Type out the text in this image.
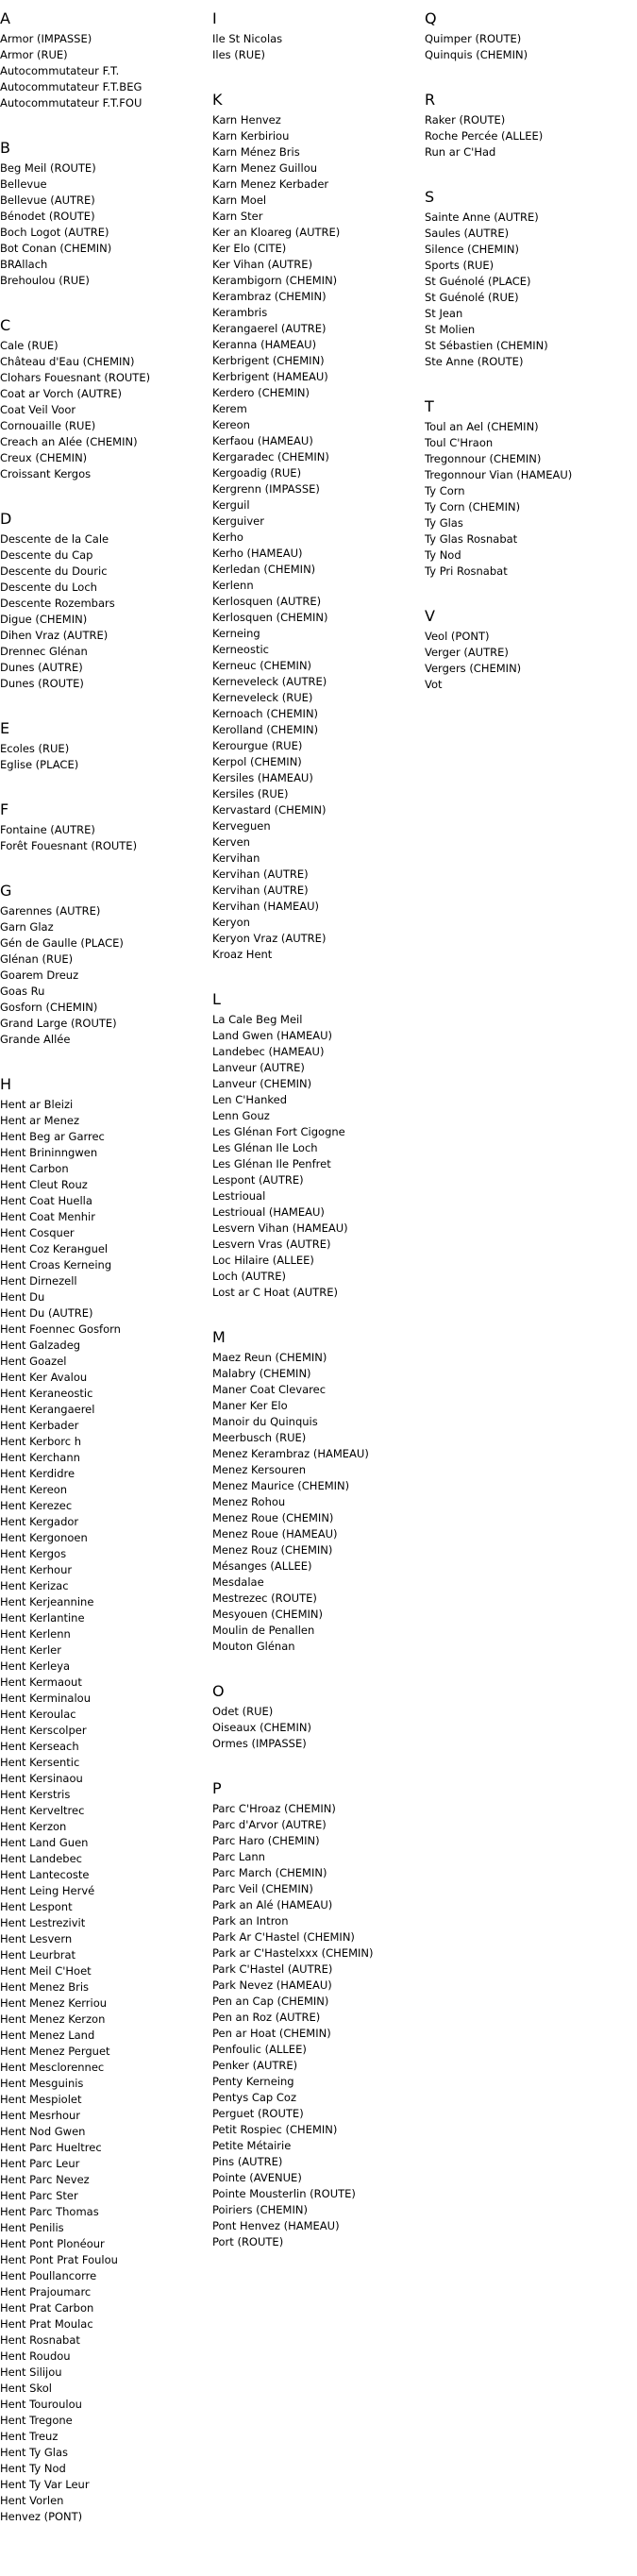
A
Armor (IMPASSE)
Armor (RUE)
Autocommutateur F.T.
Autocommutateur F.T.BEG
Autocommutateur F.T.FOU
B
Beg Meil (ROUTE)
Bellevue
Bellevue (AUTRE)
Bénodet (ROUTE)
Boch Logot (AUTRE)
Bot Conan (CHEMIN)
BRAllach
Brehoulou (RUE)
C
Cale (RUE)
Château d'Eau (CHEMIN)
Clohars Fouesnant (ROUTE)
Coat ar Vorch (AUTRE)
Coat Veil Voor
Cornouaille (RUE)
Creach an Alée (CHEMIN)
Creux (CHEMIN)
Croissant Kergos
D
Descente de la Cale
Descente du Cap
Descente du Douric
Descente du Loch
Descente Rozembars
Digue (CHEMIN)
Dihen Vraz (AUTRE)
Drennec Glénan
Dunes (AUTRE)
Dunes (ROUTE)
E
Ecoles (RUE)
Eglise (PLACE)
F
Fontaine (AUTRE)
Forêt Fouesnant (ROUTE)
G
Garennes (AUTRE)
Garn Glaz
Gén de Gaulle (PLACE)
Glénan (RUE)
Goarem Dreuz
Goas Ru
Gosforn (CHEMIN)
Grand Large (ROUTE)
Grande Allée
H
Hent ar Bleizi
Hent ar Menez
Hent Beg ar Garrec
Hent Brininngwen
Hent Carbon
Hent Cleut Rouz
Hent Coat Huella
Hent Coat Menhir
Hent Cosquer
Hent Coz Kerанguel
Hent Croas Kerneing
Hent Dirnezell
Hent Du
Hent Du (AUTRE)
Hent Foennec Gosforn
Hent Galzadeg
Hent Goazel
Hent Ker Avalou
Hent Keraneostic
Hent Kerangaerel
Hent Kerbader
Hent Kerborc h
Hent Kerchann
Hent Kerdidre
Hent Kereon
Hent Kerezec
Hent Kergador
Hent Kergonoen
Hent Kergos
Hent Kerhour
Hent Kerizac
Hent Kerjeannine
Hent Kerlantine
Hent Kerlenn
Hent Kerler
Hent Kerleya
Hent Kermaout
Hent Kerminalou
Hent Keroulac
Hent Kerscolper
Hent Kerseach
Hent Kersentic
Hent Kersinaou
Hent Kerstris
Hent Kerveltrec
Hent Kerzon
Hent Land Guen
Hent Landebec
Hent Lantecoste
Hent Leing Hervé
Hent Lespont
Hent Lestrezivit
Hent Lesvern
Hent Leurbrat
Hent Meil C'Hoet
Hent Menez Bris
Hent Menez Kerriou
Hent Menez Kerzon
Hent Menez Land
Hent Menez Perguet
Hent Mesclorennec
Hent Mesguinis
Hent Mespiolet
Hent Mesrhour
Hent Nod Gwen
Hent Parc Hueltrec
Hent Parc Leur
Hent Parc Nevez
Hent Parc Ster
Hent Parc Thomas
Hent Penilis
Hent Pont Plonéour
Hent Pont Prat Foulou
Hent Poullancorre
Hent Prajoumarc
Hent Prat Carbon
Hent Prat Moulac
Hent Rosnabat
Hent Roudou
Hent Silijou
Hent Skol
Hent Touroulou
Hent Tregone
Hent Treuz
Hent Ty Glas
Hent Ty Nod
Hent Ty Var Leur
Hent Vorlen
Henvez (PONT)
I
Ile St Nicolas
Iles (RUE)
K
Karn Henvez
Karn Kerbiriou
Karn Ménez Bris
Karn Menez Guillou
Karn Menez Kerbader
Karn Moel
Karn Ster
Ker an Kloareg (AUTRE)
Ker Elo (CITE)
Ker Vihan (AUTRE)
Kerambigorn (CHEMIN)
Kerambraz (CHEMIN)
Kerambris
Kerangaerel (AUTRE)
Keranna (HAMEAU)
Kerbrigent (CHEMIN)
Kerbrigent (HAMEAU)
Kerdero (CHEMIN)
Kerem
Kereon
Kerfaou (HAMEAU)
Kergaradec (CHEMIN)
Kergoadig (RUE)
Kergrenn (IMPASSE)
Kerguil
Kerguiver
Kerho
Kerho (HAMEAU)
Kerledan (CHEMIN)
Kerlenn
Kerlosquen (AUTRE)
Kerlosquen (CHEMIN)
Kerneing
Kerneostic
Kerneuc (CHEMIN)
Kerneveleck (AUTRE)
Kerneveleck (RUE)
Kernoach (CHEMIN)
Kerolland (CHEMIN)
Kerourgue (RUE)
Kerpol (CHEMIN)
Kersiles (HAMEAU)
Kersiles (RUE)
Kervastard (CHEMIN)
Kerveguen
Kerven
Kervihan
Kervihan (AUTRE)
Kervihan (AUTRE)
Kervihan (HAMEAU)
Keryon
Keryon Vraz (AUTRE)
Kroaz Hent
L
La Cale Beg Meil
Land Gwen (HAMEAU)
Landebec (HAMEAU)
Lanveur (AUTRE)
Lanveur (CHEMIN)
Len C'Hanked
Lenn Gouz
Les Glénan Fort Cigogne
Les Glénan Ile Loch
Les Glénan Ile Penfret
Lespont (AUTRE)
Lestrioual
Lestrioual (HAMEAU)
Lesvern Vihan (HAMEAU)
Lesvern Vras (AUTRE)
Loc Hilaire (ALLEE)
Loch (AUTRE)
Lost ar C Hoat (AUTRE)
M
Maez Reun (CHEMIN)
Malabry (CHEMIN)
Maner Coat Clevarec
Maner Ker Elo
Manoir du Quinquis
Meerbusch (RUE)
Menez Kerambraz (HAMEAU)
Menez Kersouren
Menez Maurice (CHEMIN)
Menez Rohou
Menez Roue (CHEMIN)
Menez Roue (HAMEAU)
Menez Rouz (CHEMIN)
Mésanges (ALLEE)
Mesdalae
Mestrezec (ROUTE)
Mesyouen (CHEMIN)
Moulin de Penallen
Mouton Glénan
O
Odet (RUE)
Oiseaux (CHEMIN)
Ormes (IMPASSE)
P
Parc C'Hroaz (CHEMIN)
Parc d'Arvor (AUTRE)
Parc Haro (CHEMIN)
Parc Lann
Parc March (CHEMIN)
Parc Veil (CHEMIN)
Park an Alé (HAMEAU)
Park an Intron
Park Ar C'Hastel (CHEMIN)
Park ar C'Hastelxxx (CHEMIN)
Park C'Hastel (AUTRE)
Park Nevez (HAMEAU)
Pen an Cap (CHEMIN)
Pen an Roz (AUTRE)
Pen ar Hoat (CHEMIN)
Penfoulic (ALLEE)
Penker (AUTRE)
Penty Kerneing
Pentys Cap Coz
Perguet (ROUTE)
Petit Rospiec (CHEMIN)
Petite Métairie
Pins (AUTRE)
Pointe (AVENUE)
Pointe Mousterlin (ROUTE)
Poiriers (CHEMIN)
Pont Henvez (HAMEAU)
Port (ROUTE)
Q
Quimper (ROUTE)
Quinquis (CHEMIN)
R
Raker (ROUTE)
Roche Percée (ALLEE)
Run ar C'Had
S
Sainte Anne (AUTRE)
Saules (AUTRE)
Silence (CHEMIN)
Sports (RUE)
St Guénolé (PLACE)
St Guénolé (RUE)
St Jean
St Molien
St Sébastien (CHEMIN)
Ste Anne (ROUTE)
T
Toul an Ael (CHEMIN)
Toul C'Hraon
Tregonnour (CHEMIN)
Tregonnour Vian (HAMEAU)
Ty Corn
Ty Corn (CHEMIN)
Ty Glas
Ty Glas Rosnabat
Ty Nod
Ty Pri Rosnabat
V
Veol (PONT)
Verger (AUTRE)
Vergers (CHEMIN)
Vot
